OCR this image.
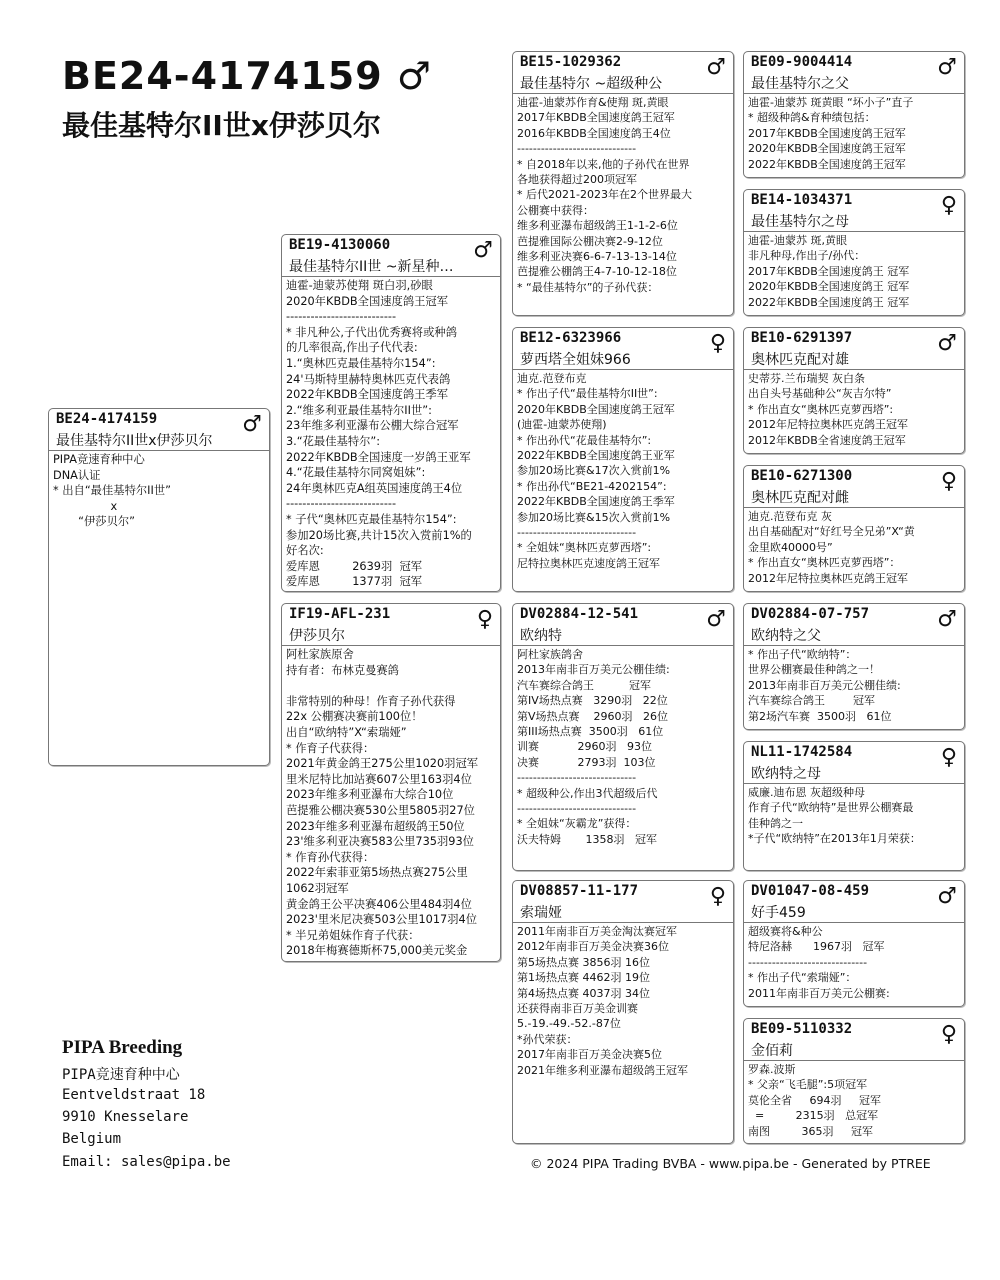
BE24-4174159 ♂
最佳基特尔II世x伊莎贝尔
BE24-4174159
最佳基特尔II世x伊莎贝尔
♂
PIPA竞速育种中心
DNA认证
* 出自“最佳基特尔II世”
x
“伊莎贝尔”
BE19-4130060
最佳基特尔II世 ~新星种…
♂
迪霍-迪蒙苏使翔 斑白羽,砂眼
2020年KBDB全国速度鸽王冠军
---------------------------
* 非凡种公,子代出优秀赛将或种鸽
的几率很高,作出子代代表:
1.“奥林匹克最佳基特尔154”:
24'马斯特里赫特奥林匹克代表鸽
2022年KBDB全国速度鸽王季军
2.“维多利亚最佳基特尔II世”:
23年维多利亚瀑布公棚大综合冠军
3.“花最佳基特尔”:
2022年KBDB全国速度一岁鸽王亚军
4.“花最佳基特尔同窝姐妹”:
24年奥林匹克A组英国速度鸽王4位
---------------------------
* 子代“奥林匹克最佳基特尔154”:
参加20场比赛,共计15次入赏前1%的
好名次:
爱库恩         2639羽  冠军
爱库恩         1377羽  冠军
IF19-AFL-231
伊莎贝尔
♀
阿杜家族原舍
持有者：布林克曼赛鸽
非常特别的种母！作育子孙代获得
22x 公棚赛决赛前100位！
出自“欧纳特”X“索瑞娅”
* 作育子代获得：
2021年黄金鸽王275公里1020羽冠军
里米尼特比加站赛607公里163羽4位
2023年维多利亚瀑布大综合10位
芭提雅公棚决赛530公里5805羽27位
2023年维多利亚瀑布超级鸽王50位
23'维多利亚决赛583公里735羽93位
* 作育孙代获得：
2022年索菲亚第5场热点赛275公里
1062羽冠军
黄金鸽王公平决赛406公里484羽4位
2023'里米尼决赛503公里1017羽4位
* 半兄弟姐妹作育子代获：
2018年梅赛德斯杯75,000美元奖金
BE15-1029362
最佳基特尔 ~超级种公
♂
迪霍-迪蒙苏作育&使翔 斑,黄眼
2017年KBDB全国速度鸽王冠军
2016年KBDB全国速度鸽王4位
------------------------------
* 自2018年以来,他的子孙代在世界
各地获得超过200项冠军
* 后代2021-2023年在2个世界最大
公棚赛中获得：
维多利亚瀑布超级鸽王1-1-2-6位
芭提雅国际公棚决赛2-9-12位
维多利亚决赛6-6-7-13-13-14位
芭提雅公棚鸽王4-7-10-12-18位
* “最佳基特尔”的子孙代获：
BE12-6323966
萝西塔全姐妹966
♀
迪克.范登布克
* 作出子代“最佳基特尔II世”:
2020年KBDB全国速度鸽王冠军
(迪霍-迪蒙苏使翔)
* 作出孙代“花最佳基特尔”:
2022年KBDB全国速度鸽王亚军
参加20场比赛&17次入赏前1%
* 作出孙代“BE21-4202154”:
2022年KBDB全国速度鸽王季军
参加20场比赛&15次入赏前1%
------------------------------
* 全姐妹“奥林匹克萝西塔”:
尼特拉奥林匹克速度鸽王冠军
DV02884-12-541
欧纳特
♂
阿杜家族鸽舍
2013年南非百万美元公棚佳绩:
汽车赛综合鸽王          冠军
第IV场热点赛   3290羽   22位
第V场热点赛    2960羽   26位
第III场热点赛  3500羽   61位
训赛           2960羽   93位
决赛           2793羽  103位
------------------------------
* 超级种公,作出3代超级后代
------------------------------
* 全姐妹“灰霸龙”获得：
沃夫特姆       1358羽   冠军
DV08857-11-177
索瑞娅
♀
2011年南非百万美金淘汰赛冠军
2012年南非百万美金决赛36位
第5场热点赛 3856羽 16位
第1场热点赛 4462羽 19位
第4场热点赛 4037羽 34位
还获得南非百万美金训赛
5.-19.-49.-52.-87位
*孙代荣获：
2017年南非百万美金决赛5位
2021年维多利亚瀑布超级鸽王冠军
BE09-9004414
最佳基特尔之父
♂
迪霍-迪蒙苏 斑黄眼 “坏小子”直子
* 超级种鸽&育种绩包括：
2017年KBDB全国速度鸽王冠军
2020年KBDB全国速度鸽王冠军
2022年KBDB全国速度鸽王冠军
BE14-1034371
最佳基特尔之母
♀
迪霍-迪蒙苏 斑,黄眼
非凡种母,作出子/孙代：
2017年KBDB全国速度鸽王 冠军
2020年KBDB全国速度鸽王 冠军
2022年KBDB全国速度鸽王 冠军
BE10-6291397
奥林匹克配对雄
♂
史蒂芬.兰布瑞契 灰白条
出自头号基础种公“灰吉尔特”
* 作出直女“奥林匹克萝西塔”:
2012年尼特拉奥林匹克鸽王冠军
2012年KBDB全省速度鸽王冠军
BE10-6271300
奥林匹克配对雌
♀
迪克.范登布克 灰
出自基础配对“好红号全兄弟”X“黄
金里欧40000号”
* 作出直女“奥林匹克萝西塔”：
2012年尼特拉奥林匹克鸽王冠军
DV02884-07-757
欧纳特之父
♂
* 作出子代“欧纳特”：
世界公棚赛最佳种鸽之一！
2013年南非百万美元公棚佳绩:
汽车赛综合鸽王        冠军
第2场汽车赛  3500羽   61位
NL11-1742584
欧纳特之母
♀
威廉.迪布恩 灰超级种母
作育子代“欧纳特”是世界公棚赛最
佳种鸽之一
*子代“欧纳特”在2013年1月荣获：
DV01047-08-459
好手459
♂
超级赛将&种公
特尼洛赫      1967羽   冠军
------------------------------
* 作出子代“索瑞娅”：
2011年南非百万美元公棚赛:
BE09-5110332
金佰莉
♀
罗森.波斯
* 父亲“飞毛腿”:5项冠军
莫伦全省     694羽     冠军
=         2315羽   总冠军
南图         365羽     冠军
PIPA Breeding
PIPA竞速育种中心
Eentveldstraat 18
9910 Knesselare
Belgium
Email: sales@pipa.be	© 2024 PIPA Trading BVBA - www.pipa.be - Generated by PTREE
